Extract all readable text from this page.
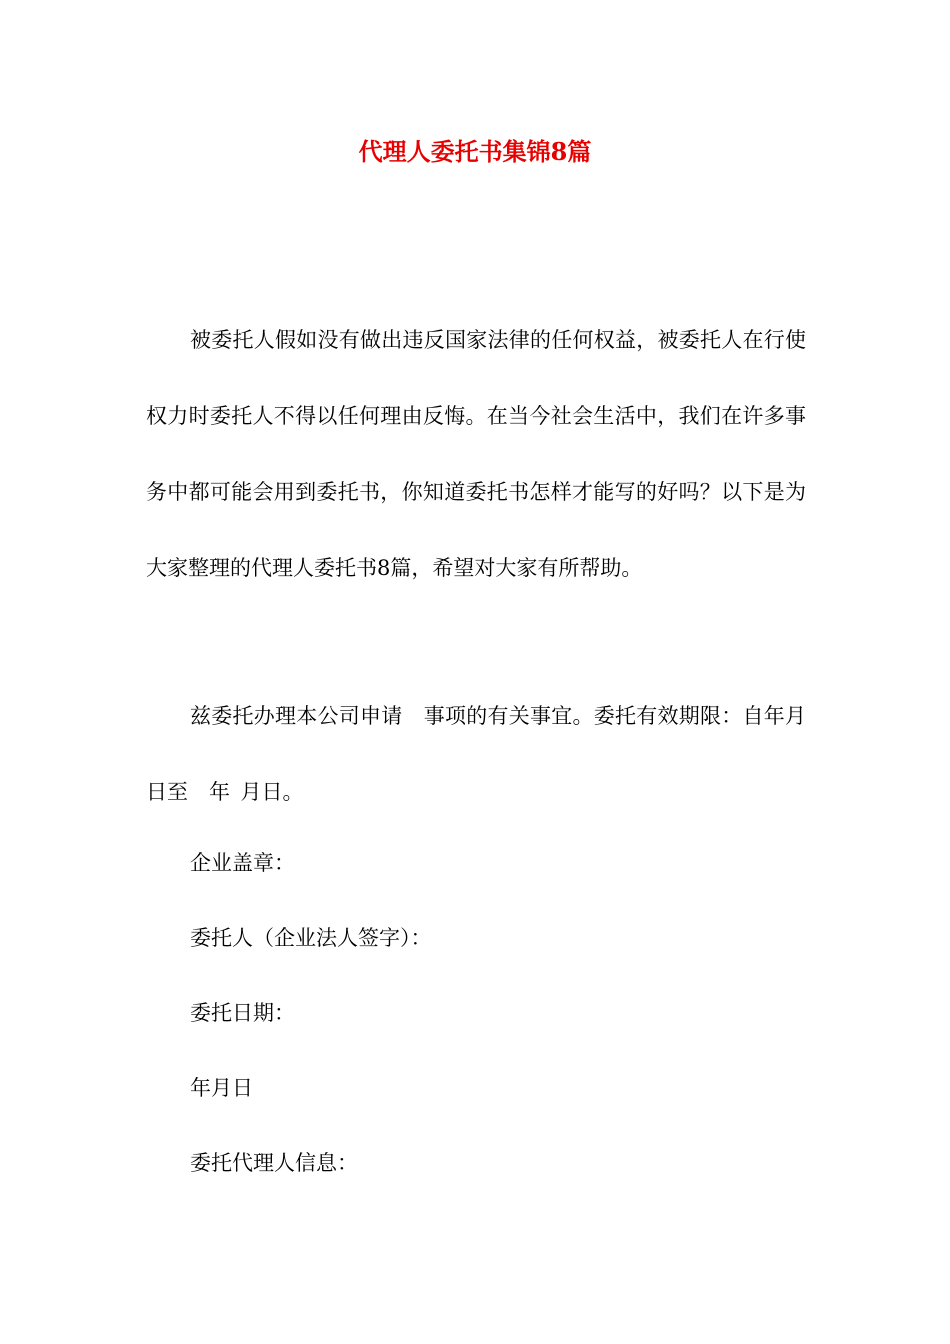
代理人委托书集锦8篇

被委托人假如没有做出违反国家法律的任何权益，被委托人在行使权力时委托人不得以任何理由反悔。在当今社会生活中，我们在许多事务中都可能会用到委托书，你知道委托书怎样才能写的好吗？以下是为大家整理的代理人委托书8篇，希望对大家有所帮助。

兹委托办理本公司申请　事项的有关事宜。委托有效期限：自年月日至　年 月日。

企业盖章：

委托人（企业法人签字）：

委托日期：

年月日

委托代理人信息：
